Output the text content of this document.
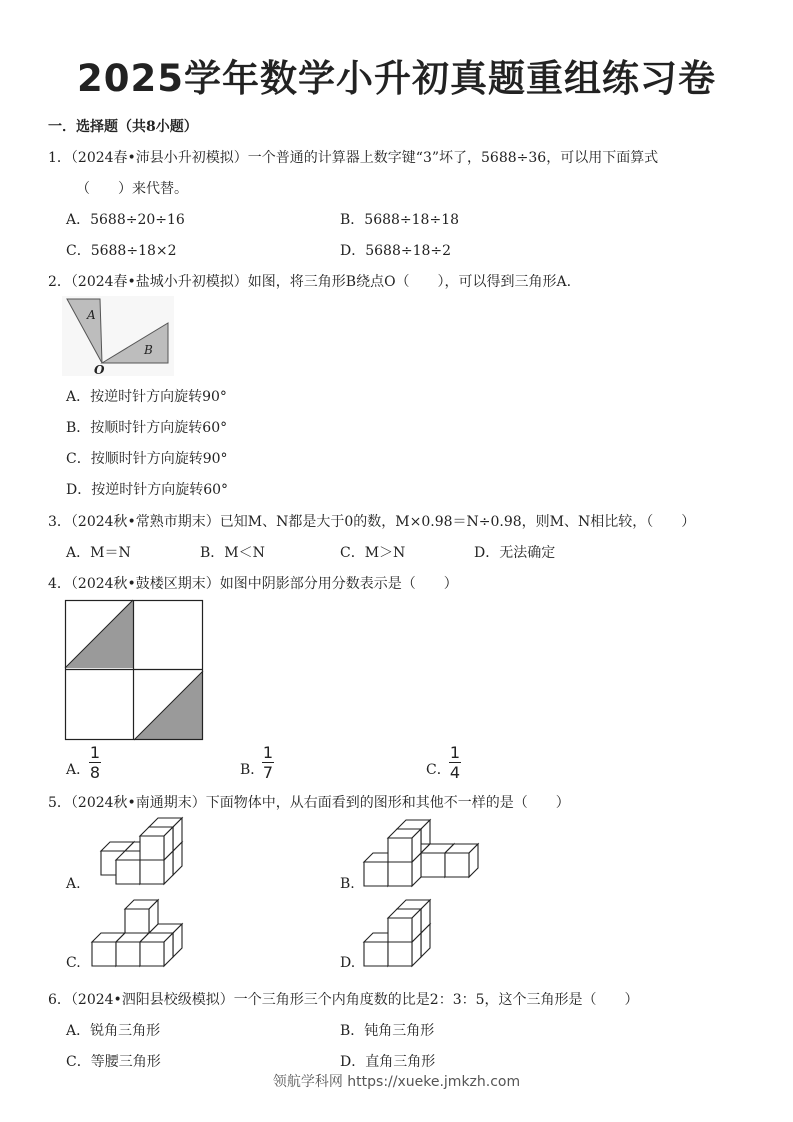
2025学年数学小升初真题重组练习卷
一．选择题（共8小题）
1．（2024春•沛县小升初模拟）一个普通的计算器上数字键“3”坏了，5688÷36，可以用下面算式
（　　）来代替。
A．5688÷20÷16	B．5688÷18÷18
C．5688÷18×2	D．5688÷18÷2
2．（2024春•盐城小升初模拟）如图，将三角形B绕点O（　　），可以得到三角形A.
A
B
O
A．按逆时针方向旋转90°
B．按顺时针方向旋转60°
C．按顺时针方向旋转90°
D．按逆时针方向旋转60°
3．（2024秋•常熟市期末）已知M、N都是大于0的数，M×0.98＝N÷0.98，则M、N相比较，（　　）
A．M＝N	B．M＜N	C．M＞N	D．无法确定
4．（2024秋•鼓楼区期末）如图中阴影部分用分数表示是（　　）
A．
1
8	B．
1
7	C．
1
4
5．（2024秋•南通期末）下面物体中，从右面看到的图形和其他不一样的是（　　）
A.	B.
C.	D.
6．（2024•泗阳县校级模拟）一个三角形三个内角度数的比是2：3：5，这个三角形是（　　）
A．锐角三角形	B．钝角三角形
C．等腰三角形	D．直角三角形
领航学科网 https://xueke.jmkzh.com
